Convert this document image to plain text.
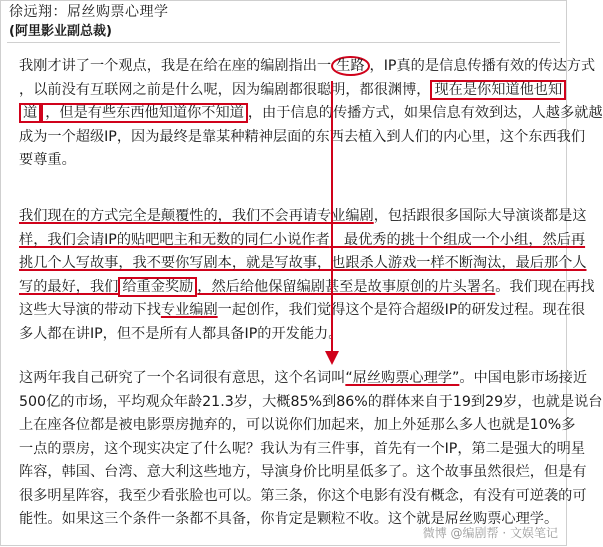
徐远翔：屌丝购票心理学
(阿里影业副总裁)

我刚才讲了一个观点，我是在给在座的编剧指出一 生路 ，IP真的是信息传播有效的传达方式
，以前没有互联网之前是什么呢，因为编剧都很聪明，都很渊博， 现在是你知道他也知
道 ，但是有些东西他知道你不知道 ，由于信息的传播方式，如果信息有效到达，人越多就越
成为一个超级IP，因为最终是靠某种精神层面的东西去植入到人们的内心里，这个东西我们
要尊重。

我们现在的方式完全是颠覆性的，我们不会再请专业编剧，包括跟很多国际大导演谈都是这
样，我们会请IP的贴吧吧主和无数的同仁小说作者，最优秀的挑十个组成一个小组，然后再
挑几个人写故事，我不要你写剧本，就是写故事，也跟杀人游戏一样不断淘汰，最后那个人
写的最好，我们 给重金奖励 ，然后给他保留编剧甚至是故事原创的片头署名。我们现在再找
这些大导演的带动下找专业编剧一起创作，我们觉得这个是符合超级IP的研发过程。现在很
多人都在讲IP，但不是所有人都具备IP的开发能力。

这两年我自己研究了一个名词很有意思，这个名词叫“屌丝购票心理学”。中国电影市场接近
500亿的市场，平均观众年龄21.3岁，大概85%到86%的群体来自于19到29岁，也就是说台
上在座各位都是被电影票房抛弃的，可以说你们加起来，加上外延那么多人也就是10%多
一点的票房，这个现实决定了什么呢？我认为有三件事，首先有一个IP，第二是强大的明星
阵容，韩国、台湾、意大利这些地方，导演身价比明星低多了。这个故事虽然很烂，但是有
很多明星阵容，我至少看张脸也可以。第三条，你这个电影有没有概念，有没有可逆袭的可
能性。如果这三个条件一条都不具备，你肯定是颗粒不收。这个就是屌丝购票心理学。

微博 @编剧帮 · 文娱笔记
